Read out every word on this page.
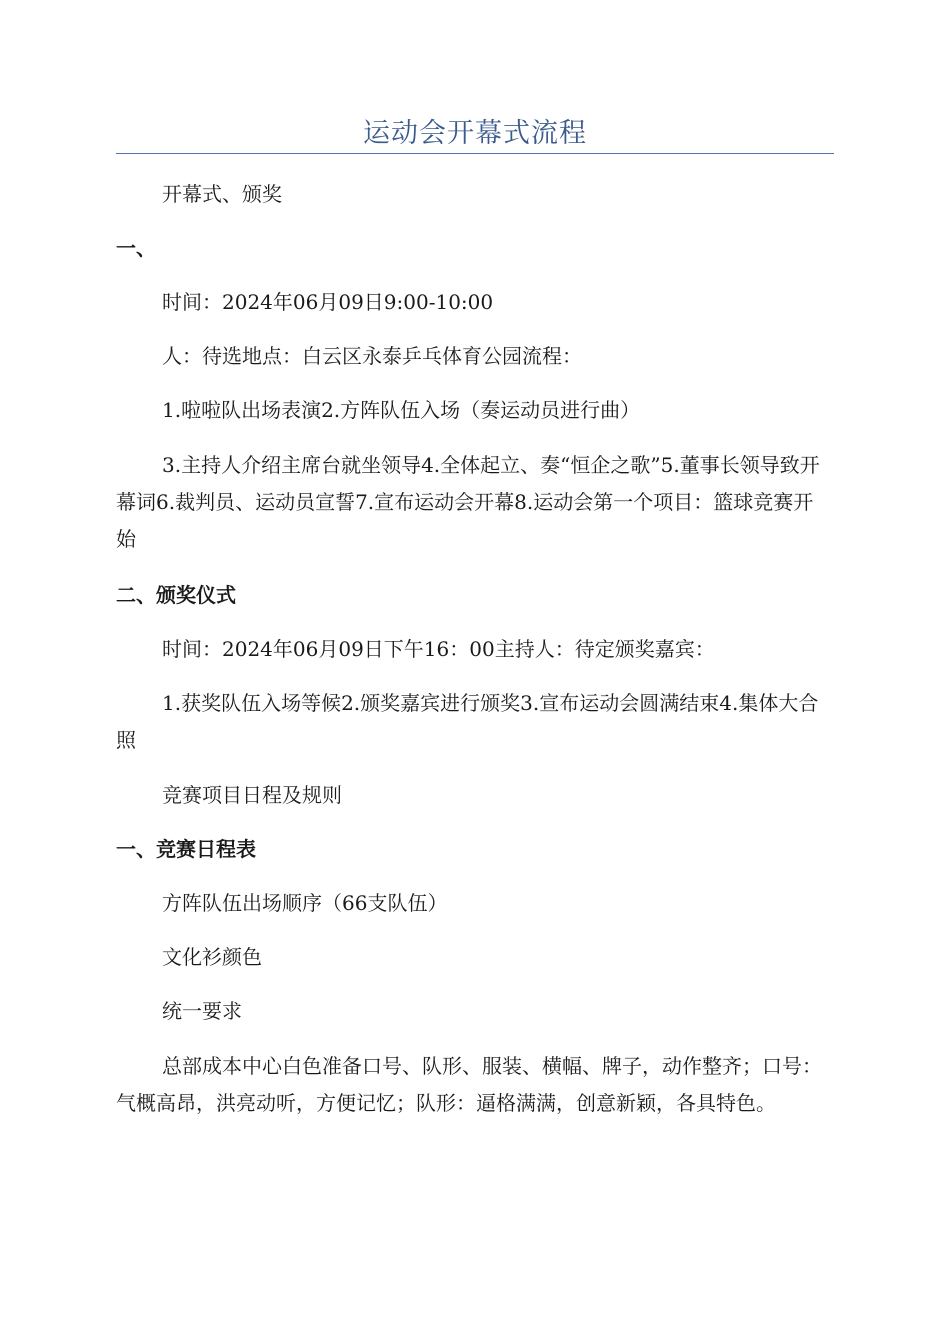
运动会开幕式流程

开幕式、颁奖

一、

时间：2024年06月09日9:00-10:00

人：待选地点：白云区永泰乒乓体育公园流程：

1.啦啦队出场表演2.方阵队伍入场（奏运动员进行曲）

3.主持人介绍主席台就坐领导4.全体起立、奏“恒企之歌”5.董事长领导致开幕词6.裁判员、运动员宣誓7.宣布运动会开幕8.运动会第一个项目：篮球竞赛开始

二、颁奖仪式

时间：2024年06月09日下午16：00主持人：待定颁奖嘉宾：

1.获奖队伍入场等候2.颁奖嘉宾进行颁奖3.宣布运动会圆满结束4.集体大合照

竞赛项目日程及规则

一、竞赛日程表

方阵队伍出场顺序（66支队伍）

文化衫颜色

统一要求

总部成本中心白色准备口号、队形、服装、横幅、牌子，动作整齐；口号：气概高昂，洪亮动听，方便记忆；队形：逼格满满，创意新颖，各具特色。
